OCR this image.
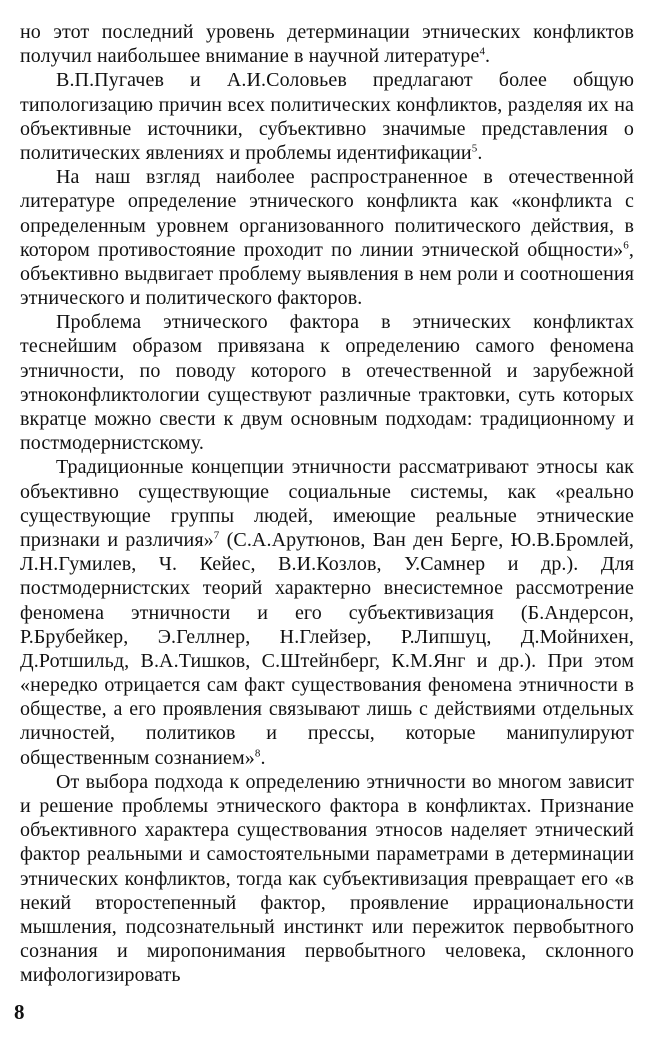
но этот последний уровень детерминации этнических конфликтов получил наибольшее внимание в научной литературе$^4$.

В.П.Пугачев и А.И.Соловьев предлагают более общую типологизацию причин всех политических конфликтов, разделяя их на объективные источники, субъективно значимые представления о политических явлениях и проблемы идентификации$^5$.

На наш взгляд наиболее распространенное в отечественной литературе определение этнического конфликта как «конфликта с определенным уровнем организованного политического действия, в котором противостояние проходит по линии этнической общности»$^6$, объективно выдвигает проблему выявления в нем роли и соотношения этнического и политического факторов.

Проблема этнического фактора в этнических конфликтах теснейшим образом привязана к определению самого феномена этничности, по поводу которого в отечественной и зарубежной этноконфликтологии существуют различные трактовки, суть которых вкратце можно свести к двум основным подходам: традиционному и постмодернистскому.

Традиционные концепции этничности рассматривают этносы как объективно существующие социальные системы, как «реально существующие группы людей, имеющие реальные этнические признаки и различия»$^7$ (С.А.Арутюнов, Ван ден Берге, Ю.В.Бромлей, Л.Н.Гумилев, Ч. Кейес, В.И.Козлов, У.Самнер и др.). Для постмодернистских теорий характерно внесистемное рассмотрение феномена этничности и его субъективизация (Б.Андерсон, Р.Брубейкер, Э.Геллнер, Н.Глейзер, Р.Липшуц, Д.Мойнихен, Д.Ротшильд, В.А.Тишков, С.Штейнберг, К.М.Янг и др.). При этом «нередко отрицается сам факт существования феномена этничности в обществе, а его проявления связывают лишь с действиями отдельных личностей, политиков и прессы, которые манипулируют общественным сознанием»$^8$.

От выбора подхода к определению этничности во многом зависит и решение проблемы этнического фактора в конфликтах. Признание объективного характера существования этносов наделяет этнический фактор реальными и самостоятельными параметрами в детерминации этнических конфликтов, тогда как субъективизация превращает его «в некий второстепенный фактор, проявление иррациональности мышления, подсознательный инстинкт или пережиток первобытного сознания и миропонимания первобытного человека, склонного мифологизировать

8
